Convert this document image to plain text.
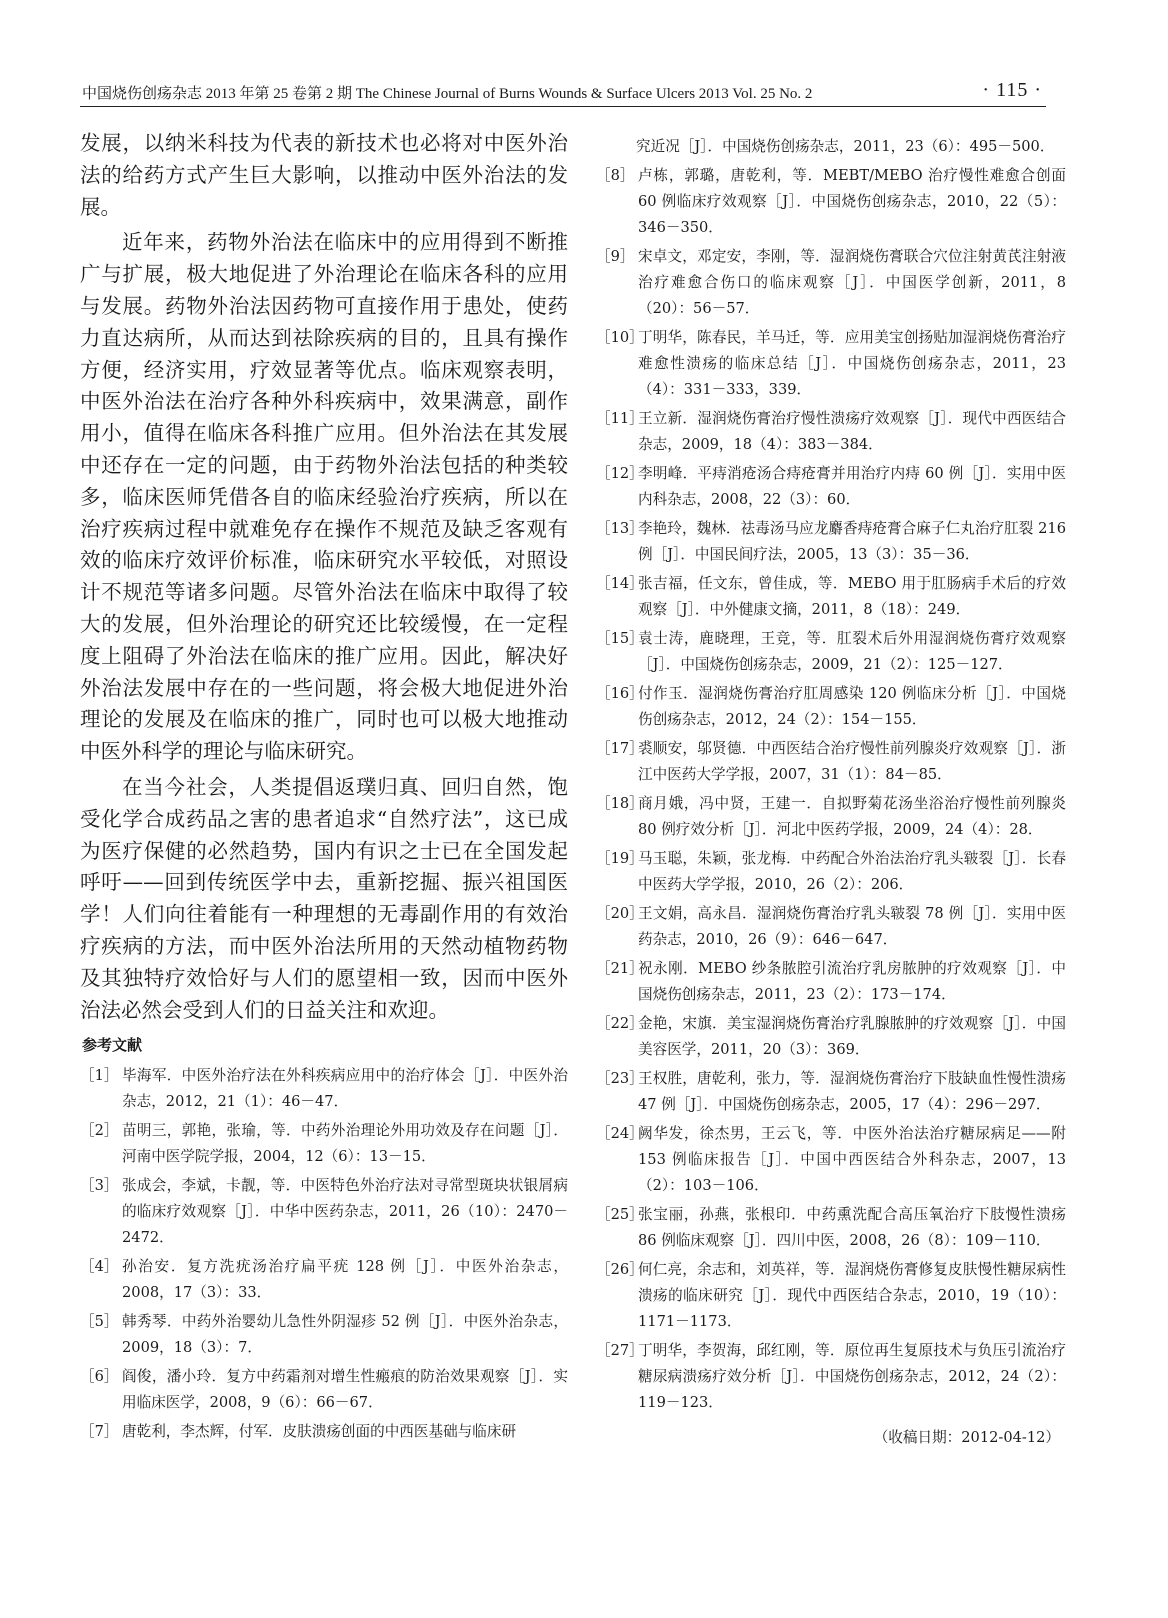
中国烧伤创疡杂志 2013 年第 25 卷第 2 期 The Chinese Journal of Burns Wounds & Surface Ulcers 2013 Vol. 25 No. 2	· 115 ·

发展，以纳米科技为代表的新技术也必将对中医外治法的给药方式产生巨大影响，以推动中医外治法的发展。

近年来，药物外治法在临床中的应用得到不断推广与扩展，极大地促进了外治理论在临床各科的应用与发展。药物外治法因药物可直接作用于患处，使药力直达病所，从而达到祛除疾病的目的，且具有操作方便，经济实用，疗效显著等优点。临床观察表明，中医外治法在治疗各种外科疾病中，效果满意，副作用小，值得在临床各科推广应用。但外治法在其发展中还存在一定的问题，由于药物外治法包括的种类较多，临床医师凭借各自的临床经验治疗疾病，所以在治疗疾病过程中就难免存在操作不规范及缺乏客观有效的临床疗效评价标准，临床研究水平较低，对照设计不规范等诸多问题。尽管外治法在临床中取得了较大的发展，但外治理论的研究还比较缓慢，在一定程度上阻碍了外治法在临床的推广应用。因此，解决好外治法发展中存在的一些问题，将会极大地促进外治理论的发展及在临床的推广，同时也可以极大地推动中医外科学的理论与临床研究。

在当今社会，人类提倡返璞归真、回归自然，饱受化学合成药品之害的患者追求“自然疗法”，这已成为医疗保健的必然趋势，国内有识之士已在全国发起呼吁——回到传统医学中去，重新挖掘、振兴祖国医学！人们向往着能有一种理想的无毒副作用的有效治疗疾病的方法，而中医外治法所用的天然动植物药物及其独特疗效恰好与人们的愿望相一致，因而中医外治法必然会受到人们的日益关注和欢迎。

参考文献
［1］ 毕海军．中医外治疗法在外科疾病应用中的治疗体会［J］．中医外治杂志，2012，21（1）：46－47．
［2］ 苗明三，郭艳，张瑜，等．中药外治理论外用功效及存在问题［J］．河南中医学院学报，2004，12（6）：13－15．
［3］ 张成会，李斌，卡靓，等．中医特色外治疗法对寻常型斑块状银屑病的临床疗效观察［J］．中华中医药杂志，2011，26（10）：2470－2472．
［4］ 孙治安．复方洗疣汤治疗扁平疣 128 例［J］．中医外治杂志，2008，17（3）：33．
［5］ 韩秀琴．中药外治婴幼儿急性外阴湿疹 52 例［J］．中医外治杂志，2009，18（3）：7．
［6］ 阎俊，潘小玲．复方中药霜剂对增生性瘢痕的防治效果观察［J］．实用临床医学，2008，9（6）：66－67．
［7］ 唐乾利，李杰辉，付军．皮肤溃疡创面的中西医基础与临床研
究近况［J］．中国烧伤创疡杂志，2011，23（6）：495－500．
［8］ 卢栋，郭璐，唐乾利，等．MEBT/MEBO 治疗慢性难愈合创面 60 例临床疗效观察［J］．中国烧伤创疡杂志，2010，22（5）：346－350．
［9］ 宋卓文，邓定安，李刚，等．湿润烧伤膏联合穴位注射黄芪注射液治疗难愈合伤口的临床观察［J］．中国医学创新，2011，8（20）：56－57．
［10］
丁明华，陈春民，羊马迁，等．应用美宝创扬贴加湿润烧伤膏治疗难愈性溃疡的临床总结［J］．中国烧伤创疡杂志，2011，23（4）：331－333，339．
［11］
王立新．湿润烧伤膏治疗慢性溃疡疗效观察［J］．现代中西医结合杂志，2009，18（4）：383－384．
［12］
李明峰．平痔消疮汤合痔疮膏并用治疗内痔 60 例［J］．实用中医内科杂志，2008，22（3）：60．
［13］
李艳玲，魏林．祛毒汤马应龙麝香痔疮膏合麻子仁丸治疗肛裂 216 例［J］．中国民间疗法，2005，13（3）：35－36．
［14］
张吉福，任文东，曾佳成，等．MEBO 用于肛肠病手术后的疗效观察［J］．中外健康文摘，2011，8（18）：249．
［15］
袁士涛，鹿晓理，王竞，等．肛裂术后外用湿润烧伤膏疗效观察［J］．中国烧伤创疡杂志，2009，21（2）：125－127．
［16］
付作玉．湿润烧伤膏治疗肛周感染 120 例临床分析［J］．中国烧伤创疡杂志，2012，24（2）：154－155．
［17］
裘顺安，邬贤德．中西医结合治疗慢性前列腺炎疗效观察［J］．浙江中医药大学学报，2007，31（1）：84－85．
［18］
商月娥，冯中贤，王建一．自拟野菊花汤坐浴治疗慢性前列腺炎 80 例疗效分析［J］．河北中医药学报，2009，24（4）：28．
［19］
马玉聪，朱颖，张龙梅．中药配合外治法治疗乳头皲裂［J］．长春中医药大学学报，2010，26（2）：206．
［20］
王文娟，高永昌．湿润烧伤膏治疗乳头皲裂 78 例［J］．实用中医药杂志，2010，26（9）：646－647．
［21］
祝永刚．MEBO 纱条脓腔引流治疗乳房脓肿的疗效观察［J］．中国烧伤创疡杂志，2011，23（2）：173－174．
［22］
金艳，宋旗．美宝湿润烧伤膏治疗乳腺脓肿的疗效观察［J］．中国美容医学，2011，20（3）：369．
［23］
王权胜，唐乾利，张力，等．湿润烧伤膏治疗下肢缺血性慢性溃疡 47 例［J］．中国烧伤创疡杂志，2005，17（4）：296－297．
［24］
阙华发，徐杰男，王云飞，等．中医外治法治疗糖尿病足——附 153 例临床报告［J］．中国中西医结合外科杂志，2007，13（2）：103－106．
［25］
张宝丽，孙燕，张根印．中药熏洗配合高压氧治疗下肢慢性溃疡 86 例临床观察［J］．四川中医，2008，26（8）：109－110．
［26］
何仁亮，余志和，刘英祥，等．湿润烧伤膏修复皮肤慢性糖尿病性溃疡的临床研究［J］．现代中西医结合杂志，2010，19（10）：1171－1173．
［27］
丁明华，李贺海，邱红刚，等．原位再生复原技术与负压引流治疗糖尿病溃疡疗效分析［J］．中国烧伤创疡杂志，2012，24（2）：119－123．
（收稿日期：2012-04-12）
